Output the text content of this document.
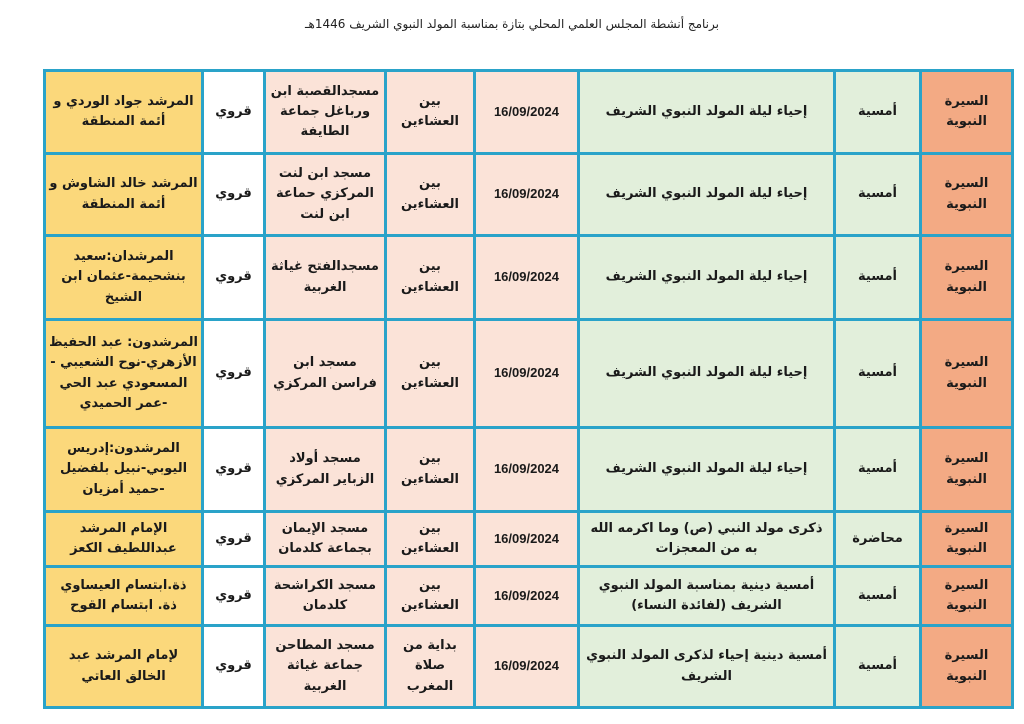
برنامج أنشطة المجلس العلمي المحلي بتازة بمناسبة المولد النبوي الشريف 1446هـ
السيرة النبوية	أمسية	إحياء ليلة المولد النبوي الشريف	16/09/2024	بين العشاءين	مسجدالقصبة ابن ورباغل جماعة الطايفة	قروي	المرشد جواد الوردي و أئمة المنطقة
السيرة النبوية	أمسية	إحياء ليلة المولد النبوي الشريف	16/09/2024	بين العشاءين	مسجد ابن لنت المركزي حماعة ابن لنت	قروي	المرشد خالد الشاوش و أئمة المنطقة
السيرة النبوية	أمسية	إحياء ليلة المولد النبوي الشريف	16/09/2024	بين العشاءين	مسجدالفتح غياثة الغربية	قروي	المرشدان:سعيد بنشحيمة-عثمان ابن الشيخ
السيرة النبوية	أمسية	إحياء ليلة المولد النبوي الشريف	16/09/2024	بين العشاءين	مسجد ابن فراسن المركزي	قروي	المرشدون: عبد الحفيظ الأزهري-نوح الشعيبي - المسعودي عبد الحي -عمر الحميدي
السيرة النبوية	أمسية	إحياء ليلة المولد النبوي الشريف	16/09/2024	بين العشاءين	مسجد أولاد الزباير المركزي	قروي	المرشدون:إدريس اليوبي-نبيل بلفضيل -حميد أمزيان
السيرة النبوية	محاضرة	ذكرى مولد النبي (ص) وما اكرمه الله به من المعجزات	16/09/2024	بين العشاءين	مسجد الإيمان بجماعة كلدمان	قروي	الإمام المرشد عبداللطيف الكعز
السيرة النبوية	أمسية	أمسية دينية بمناسبة المولد النبوي الشريف (لفائدة النساء)	16/09/2024	بين العشاءين	مسجد الكراشحة كلدمان	قروي	ذة.ابتسام العيساوي ذة. ابتسام القوح
السيرة النبوية	أمسية	أمسية دينية إحياء لذكرى المولد النبوي الشريف	16/09/2024	بداية من صلاة المغرب	مسجد المطاحن جماعة غياثة الغربية	قروي	لإمام المرشد عبد الخالق العاتي
